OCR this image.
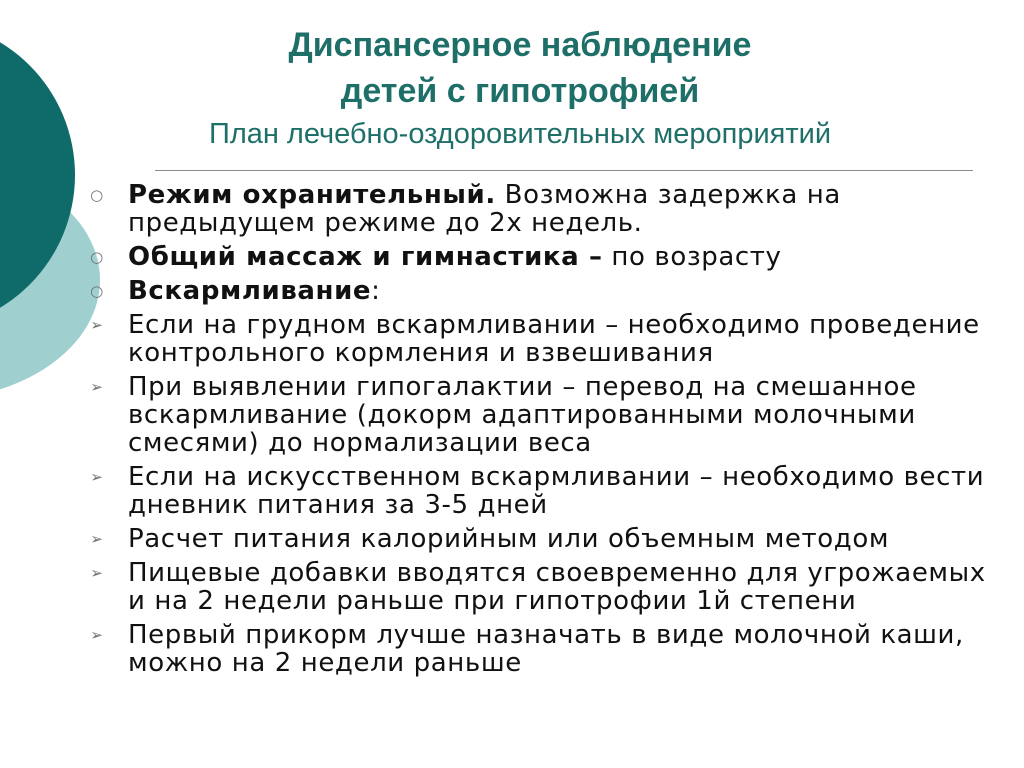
Диспансерное наблюдение
детей с гипотрофией
План лечебно-оздоровительных мероприятий
○ Режим охранительный. Возможна задержка на предыдущем режиме до 2х недель.
○ Общий массаж и гимнастика – по возрасту
○ Вскармливание:
➢ Если на грудном вскармливании – необходимо проведение контрольного кормления и взвешивания
➢ При выявлении гипогалактии – перевод на смешанное вскармливание (докорм адаптированными молочными смесями) до нормализации веса
➢ Если на искусственном вскармливании – необходимо вести дневник питания за 3-5 дней
➢ Расчет питания калорийным или объемным методом
➢ Пищевые добавки вводятся своевременно для угрожаемых и на 2 недели раньше при гипотрофии 1й степени
➢ Первый прикорм лучше назначать в виде молочной каши, можно на 2 недели раньше
